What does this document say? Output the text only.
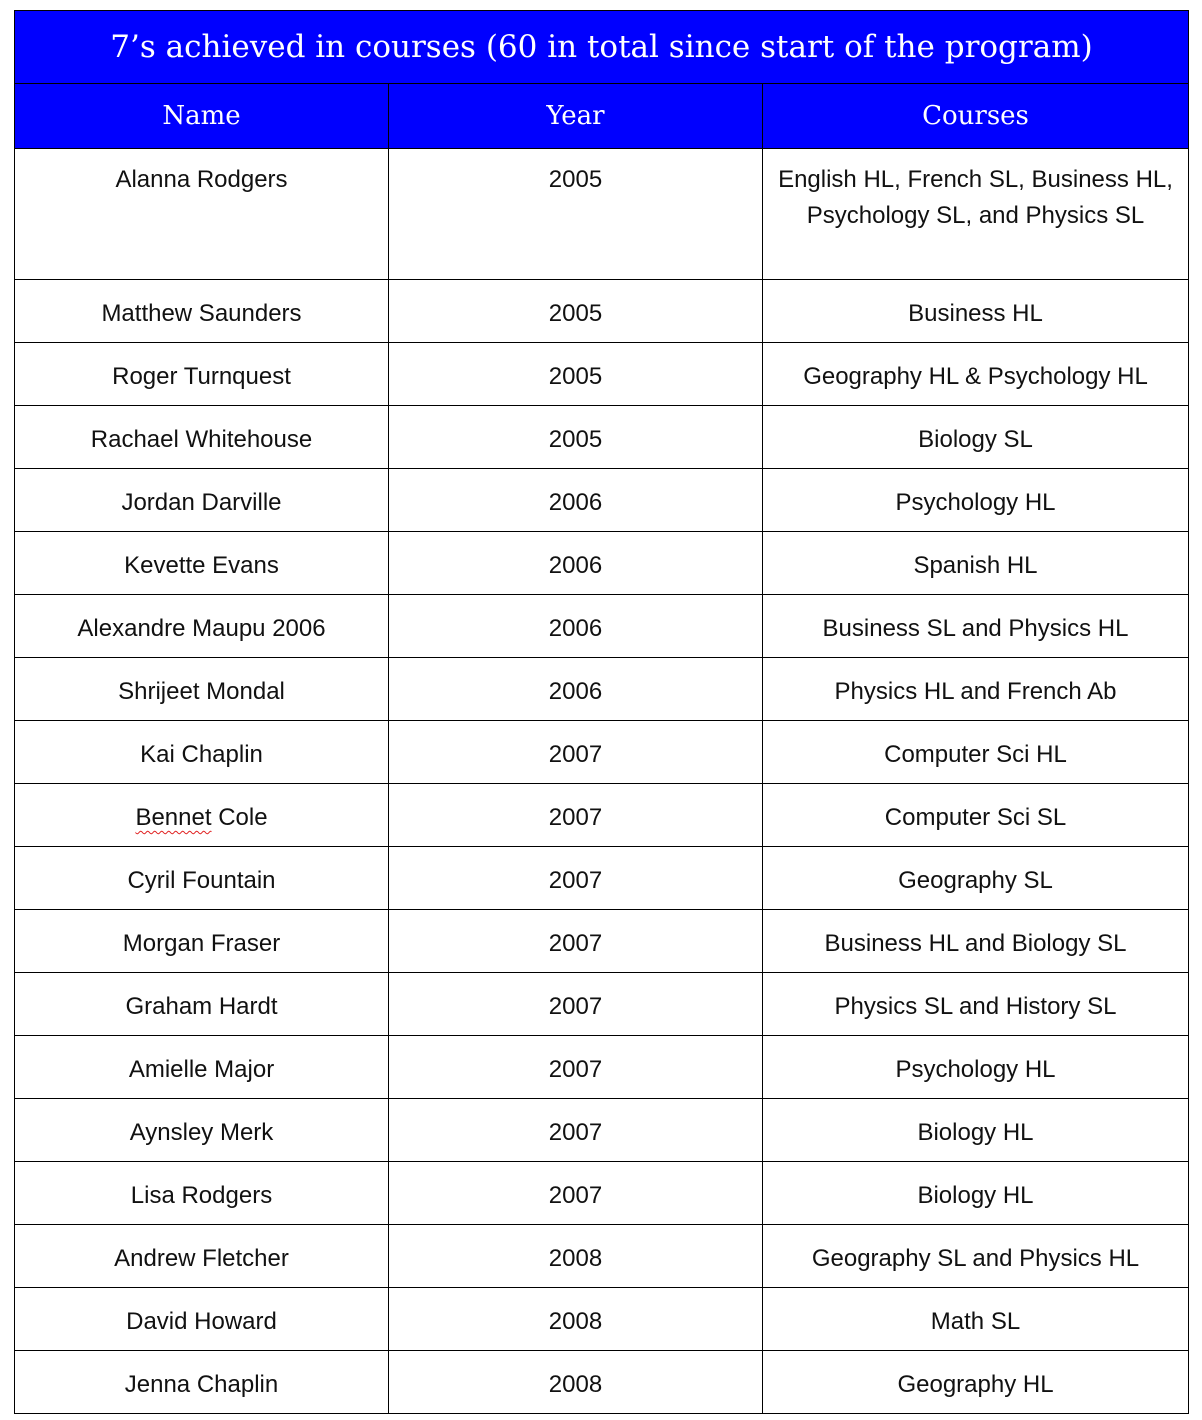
7’s achieved in courses (60 in total since start of the program)		
Name	Year	Courses
Alanna Rodgers	2005	English HL, French SL, Business HL, Psychology SL, and Physics SL
Matthew Saunders	2005	Business HL
Roger Turnquest	2005	Geography HL & Psychology HL
Rachael Whitehouse	2005	Biology SL
Jordan Darville	2006	Psychology HL
Kevette Evans	2006	Spanish HL
Alexandre Maupu 2006	2006	Business SL and Physics HL
Shrijeet Mondal	2006	Physics HL and French Ab
Kai Chaplin	2007	Computer Sci HL
Bennet Cole	2007	Computer Sci SL
Cyril Fountain	2007	Geography SL
Morgan Fraser	2007	Business HL and Biology SL
Graham Hardt	2007	Physics SL and History SL
Amielle Major	2007	Psychology HL
Aynsley Merk	2007	Biology HL
Lisa Rodgers	2007	Biology HL
Andrew Fletcher	2008	Geography SL and Physics HL
David Howard	2008	Math SL
Jenna Chaplin	2008	Geography HL
